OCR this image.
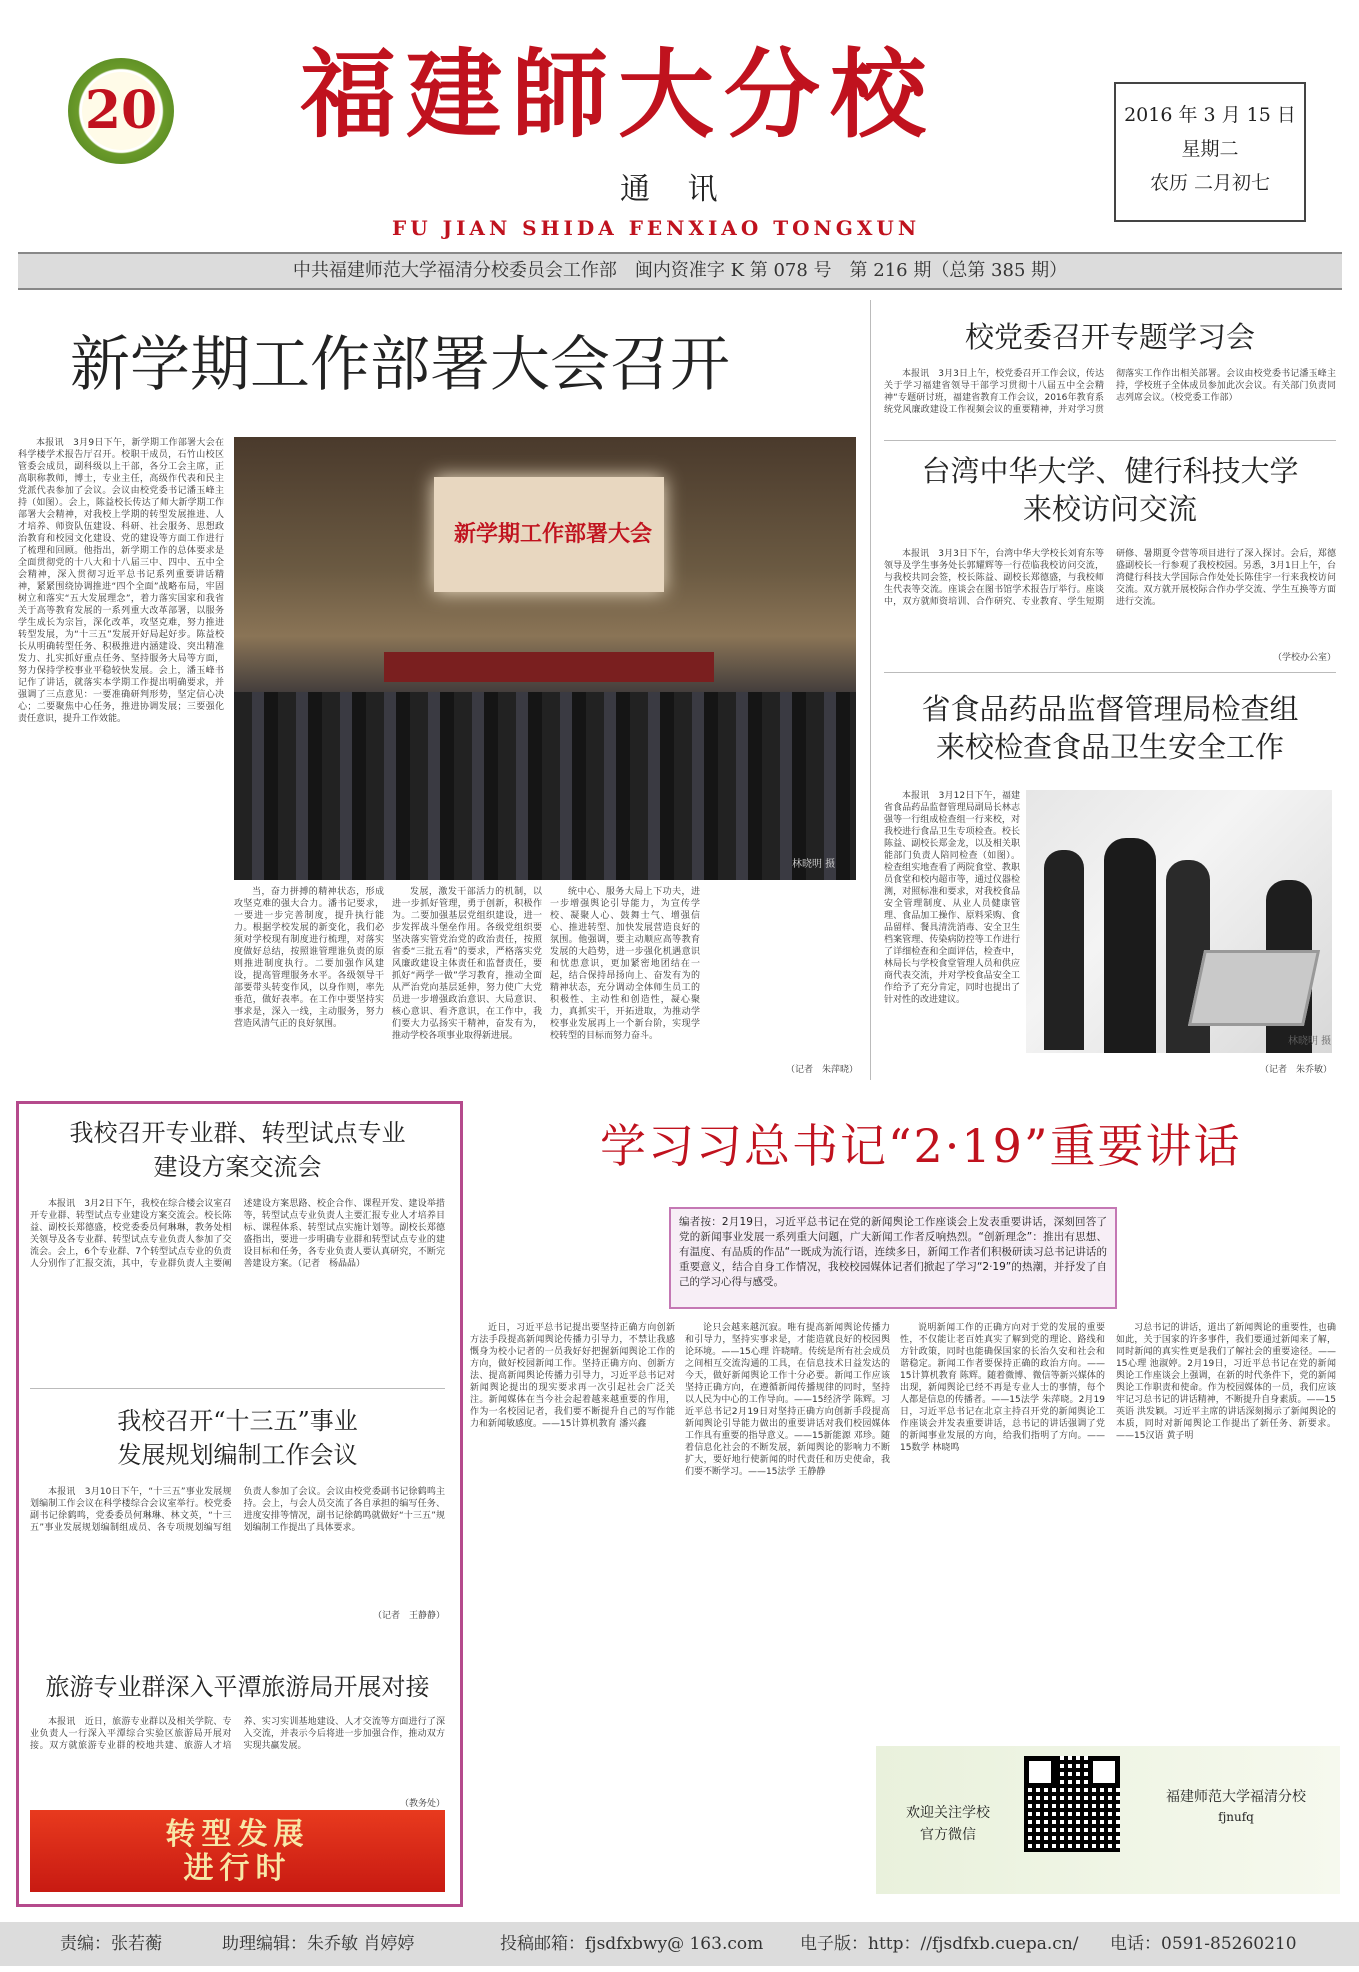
20 福建師大分校
通 讯
FU JIAN SHIDA FENXIAO TONGXUN
2016 年 3 月 15 日
星期二
农历 二月初七
中共福建师范大学福清分校委员会工作部　闽内资准字 K 第 078 号　第 216 期（总第 385 期）
新学期工作部署大会召开

本报讯　3月9日下午，新学期工作部署大会在科学楼学术报告厅召开。校职干成员，石竹山校区管委会成员，副科级以上干部，各分工会主席，正高职称教师，博士，专业主任，高级作代表和民主党派代表参加了会议。会议由校党委书记潘玉峰主持（如图）。会上，陈益校长传达了师大新学期工作部署大会精神，对我校上学期的转型发展推进、人才培养、师资队伍建设、科研、社会服务、思想政治教育和校园文化建设、党的建设等方面工作进行了梳理和回顾。他指出，新学期工作的总体要求是全面贯彻党的十八大和十八届三中、四中、五中全会精神，深入贯彻习近平总书记系列重要讲话精神，紧紧围绕协调推进“四个全面”战略布局，牢固树立和落实“五大发展理念”，着力落实国家和我省关于高等教育发展的一系列重大改革部署，以服务学生成长为宗旨，深化改革，攻坚克难，努力推进转型发展，为“十三五”发展开好局起好步。陈益校长从明确转型任务、积极推进内涵建设、突出精准发力、扎实抓好重点任务、坚持服务大局等方面，努力保持学校事业平稳较快发展。会上，潘玉峰书记作了讲话，就落实本学期工作提出明确要求，并强调了三点意见：一要准确研判形势，坚定信心决心；二要聚焦中心任务，推进协调发展；三要强化责任意识，提升工作效能。

新学期工作部署大会
林晓明 摄

当，奋力拼搏的精神状态，形成攻坚克难的强大合力。潘书记要求，一要进一步完善制度，提升执行能力。根据学校发展的新变化，我们必须对学校现有制度进行梳理，对落实度做好总结，按照谁管理谁负责的原则推进制度执行。二要加强作风建设，提高管理服务水平。各级领导干部要带头转变作风，以身作则，率先垂范，做好表率。在工作中要坚持实事求是，深入一线，主动服务，努力营造风清气正的良好氛围。

发展，激发干部活力的机制，以进一步抓好管理，勇于创新，积极作为。二要加强基层党组织建设，进一步发挥战斗堡垒作用。各级党组织要坚决落实管党治党的政治责任，按照省委“三批五看”的要求，严格落实党风廉政建设主体责任和监督责任，要抓好“两学一做”学习教育，推动全面从严治党向基层延伸，努力使广大党员进一步增强政治意识、大局意识、核心意识、看齐意识，在工作中，我们要大力弘扬实干精神，奋发有为，推动学校各项事业取得新进展。

统中心、服务大局上下功夫，进一步增强舆论引导能力，为宣传学校、凝聚人心、鼓舞士气、增强信心、推进转型、加快发展营造良好的氛围。他强调，要主动顺应高等教育发展的大趋势，进一步强化机遇意识和忧患意识，更加紧密地团结在一起，结合保持昂扬向上、奋发有为的精神状态，充分调动全体师生员工的积极性、主动性和创造性，凝心聚力，真抓实干，开拓进取，为推动学校事业发展再上一个新台阶，实现学校转型的目标而努力奋斗。

（记者　朱萍晓）
校党委召开专题学习会

本报讯　3月3日上午，校党委召开工作会议，传达关于学习福建省领导干部学习贯彻十八届五中全会精神“专题研讨班，福建省教育工作会议，2016年教育系统党风廉政建设工作视频会议的重要精神，并对学习贯彻落实工作作出相关部署。会议由校党委书记潘玉峰主持，学校班子全体成员参加此次会议。有关部门负责同志列席会议。（校党委工作部）

台湾中华大学、健行科技大学
来校访问交流

本报讯　3月3日下午，台湾中华大学校长刘育东等领导及学生事务处长郭耀辉等一行莅临我校访问交流，与我校共同会签，校长陈益、副校长郑德盛，与我校师生代表等交流。座谈会在图书馆学术报告厅举行。座谈中，双方就师资培训、合作研究、专业教育、学生短期研修、暑期夏令营等项目进行了深入探讨。会后，郑德盛副校长一行参观了我校校园。另悉，3月1日上午，台湾健行科技大学国际合作处处长陈佳宇一行来我校访问交流。双方就开展校际合作办学交流、学生互换等方面进行交流。

（学校办公室）
省食品药品监督管理局检查组
来校检查食品卫生安全工作

本报讯　3月12日下午，福建省食品药品监督管理局副局长林志强等一行组成检查组一行来校，对我校进行食品卫生专项检查。校长陈益、副校长郑金龙，以及相关职能部门负责人陪同检查（如图）。检查组实地查看了两院食堂、教职员食堂和校内超市等，通过仪器检测，对照标准和要求，对我校食品安全管理制度、从业人员健康管理、食品加工操作、原料采购、食品留样、餐具清洗消毒、安全卫生档案管理、传染病防控等工作进行了详细检查和全面评估，检查中，林局长与学校食堂管理人员和供应商代表交流，并对学校食品安全工作给予了充分肯定，同时也提出了针对性的改进建议。

林晓明 摄
（记者　朱乔敏）
我校召开专业群、转型试点专业
建设方案交流会

本报讯　3月2日下午，我校在综合楼会议室召开专业群、转型试点专业建设方案交流会。校长陈益、副校长郑德盛，校党委委员何琳琳，教务处相关领导及各专业群、转型试点专业负责人参加了交流会。会上，6个专业群、7个转型试点专业的负责人分别作了汇报交流，其中，专业群负责人主要阐述建设方案思路、校企合作、课程开发、建设举措等，转型试点专业负责人主要汇报专业人才培养目标、课程体系、转型试点实施计划等。副校长郑德盛指出，要进一步明确专业群和转型试点专业的建设目标和任务，各专业负责人要认真研究，不断完善建设方案。（记者　杨晶晶）

我校召开“十三五”事业
发展规划编制工作会议

本报讯　3月10日下午，“十三五”事业发展规划编制工作会议在科学楼综合会议室举行。校党委副书记徐鹤鸣，党委委员何琳琳、林文英，“十三五”事业发展规划编制组成员、各专项规划编写组负责人参加了会议。会议由校党委副书记徐鹤鸣主持。会上，与会人员交流了各自承担的编写任务、进度安排等情况，副书记徐鹤鸣就做好“十三五”规划编制工作提出了具体要求。

（记者　王静静）
旅游专业群深入平潭旅游局开展对接

本报讯　近日，旅游专业群以及相关学院、专业负责人一行深入平潭综合实验区旅游局开展对接。双方就旅游专业群的校地共建、旅游人才培养、实习实训基地建设、人才交流等方面进行了深入交流，并表示今后将进一步加强合作，推动双方实现共赢发展。

（教务处）
转型发展
进行时
学习习总书记“2·19”重要讲话
编者按：2月19日，习近平总书记在党的新闻舆论工作座谈会上发表重要讲话，深刻回答了党的新闻事业发展一系列重大问题，广大新闻工作者反响热烈。“创新理念”：推出有思想、有温度、有品质的作品“一既成为流行语，连续多日，新闻工作者们积极研读习总书记讲话的重要意义，结合自身工作情况，我校校园媒体记者们掀起了学习“2·19”的热潮，并抒发了自己的学习心得与感受。

近日，习近平总书记提出要坚持正确方向创新方法手段提高新闻舆论传播力引导力，不禁让我感慨身为校小记者的一员我好好把握新闻舆论工作的方向，做好校园新闻工作。坚持正确方向、创新方法、提高新闻舆论传播力引导力，习近平总书记对新闻舆论提出的现实要求再一次引起社会广泛关注。新闻媒体在当今社会起着越来越重要的作用，作为一名校园记者，我们要不断提升自己的写作能力和新闻敏感度。——15计算机教育 潘兴鑫

论只会越来越沉寂。唯有提高新闻舆论传播力和引导力，坚持实事求是，才能造就良好的校园舆论环境。——15心理 许晓晴。传统是所有社会成员之间相互交流沟通的工具，在信息技术日益发达的今天，做好新闻舆论工作十分必要。新闻工作应该坚持正确方向，在遵循新闻传播规律的同时，坚持以人民为中心的工作导向。——15经济学 陈辉。习近平总书记2月19日对坚持正确方向创新手段提高新闻舆论引导能力做出的重要讲话对我们校园媒体工作具有重要的指导意义。——15新能源 邓珍。随着信息化社会的不断发展，新闻舆论的影响力不断扩大，要好地行使新闻的时代责任和历史使命，我们要不断学习。——15法学 王静静

说明新闻工作的正确方向对于党的发展的重要性，不仅能让老百姓真实了解到党的理论、路线和方针政策，同时也能确保国家的长治久安和社会和谐稳定。新闻工作者要保持正确的政治方向。——15计算机教育 陈辉。随着微博、微信等新兴媒体的出现，新闻舆论已经不再是专业人士的事情，每个人都是信息的传播者。——15法学 朱萍晓。2月19日，习近平总书记在北京主持召开党的新闻舆论工作座谈会并发表重要讲话，总书记的讲话强调了党的新闻事业发展的方向，给我们指明了方向。——15数学 林晓鸣

习总书记的讲话，道出了新闻舆论的重要性，也确如此，关于国家的许多事件，我们要通过新闻来了解，同时新闻的真实性更是我们了解社会的重要途径。——15心理 池淑婷。2月19日，习近平总书记在党的新闻舆论工作座谈会上强调，在新的时代条件下，党的新闻舆论工作职责和使命。作为校园媒体的一员，我们应该牢记习总书记的讲话精神，不断提升自身素质。——15英语 洪发颖。习近平主席的讲话深刻揭示了新闻舆论的本质，同时对新闻舆论工作提出了新任务、新要求。——15汉语 黄子明

欢迎关注学校
官方微信
福建师范大学福清分校
fjnufq
责编：张若蘅	助理编辑：朱乔敏 肖婷婷	投稿邮箱：fjsdfxbwy@ 163.com 电子版：http：//fjsdfxb.cuepa.cn/ 电话：0591-85260210
